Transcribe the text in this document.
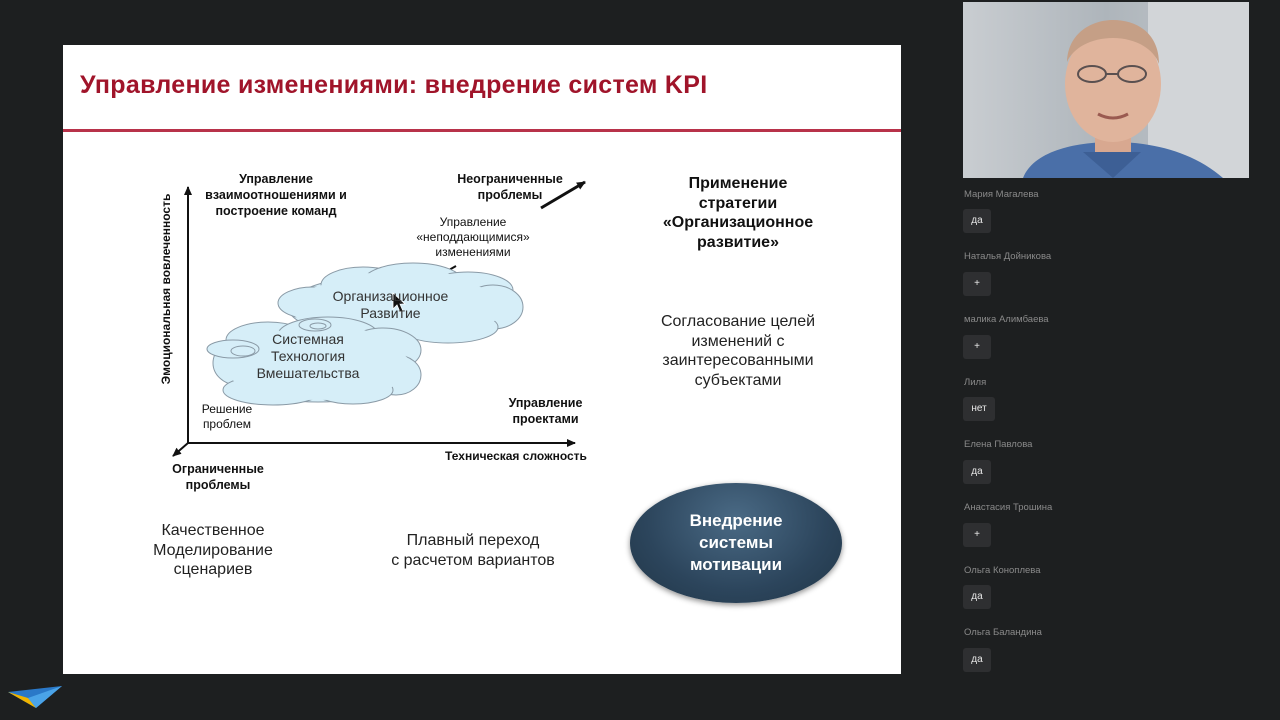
Управление изменениями: внедрение систем KPI
Эмоциональная вовлеченность
Техническая сложность
Управление
взаимоотношениями и
построение команд
Неограниченные
проблемы
Управление
«неподдающимися»
изменениями
Управление
проектами
Ограниченные
проблемы
Решение
проблем
Организационное
Развитие
Системная
Технология
Вмешательства
Применение
стратегии
«Организационное
развитие»
Согласование целей
изменений с
заинтересованными
субъектами
Качественное
Моделирование
сценариев
Плавный переход
с расчетом вариантов
Внедрение
системы
мотивации
Мария Магалева
да
Наталья Дойникова
+
малика Алимбаева
+
Лиля
нет
Елена Павлова
да
Анастасия Трошина
+
Ольга Коноплева
да
Ольга Баландина
да
